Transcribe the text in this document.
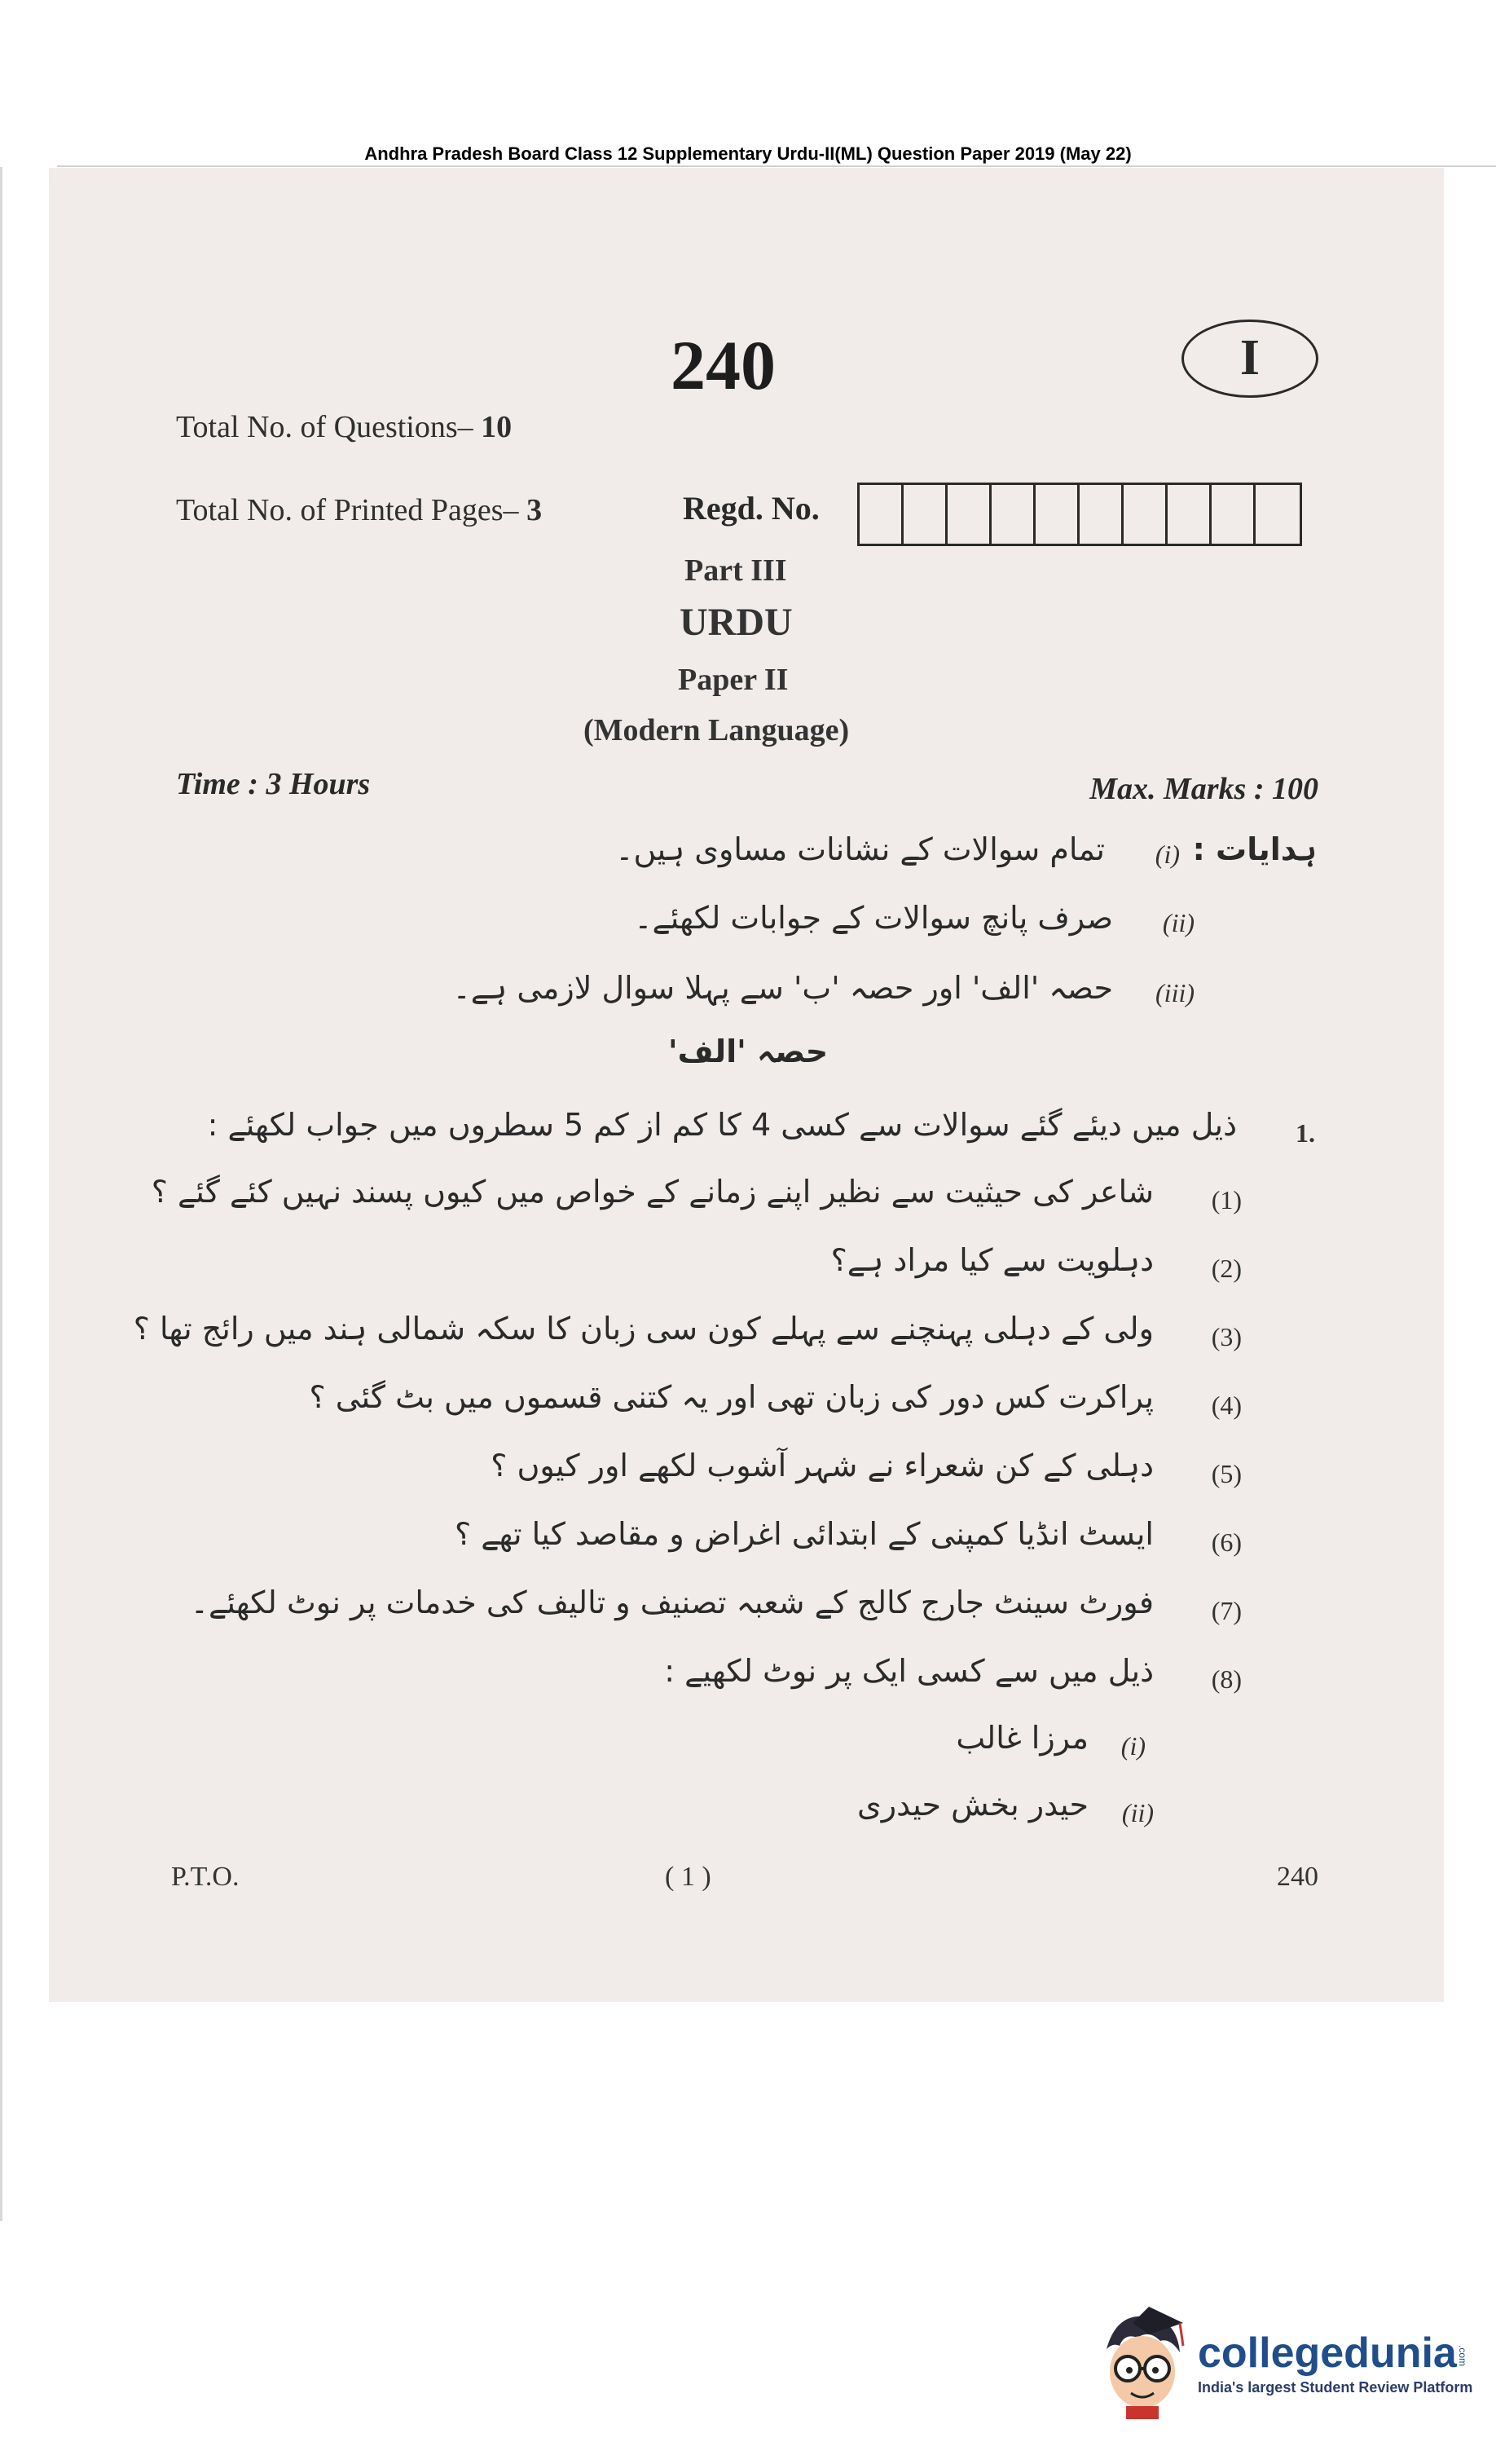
Andhra Pradesh Board Class 12 Supplementary Urdu-II(ML) Question Paper 2019 (May 22)
240	I
Total No. of Questions– 10
Total No. of Printed Pages– 3	Regd. No.
Part III
URDU
Paper II
(Modern Language)
Time : 3 Hours	Max. Marks : 100
ہدایات :
(i)
تمام سوالات کے نشانات مساوی ہیں۔
(ii)
صرف پانچ سوالات کے جوابات لکھئے۔
(iii)
حصہ 'الف' اور حصہ 'ب' سے پہلا سوال لازمی ہے۔
حصہ 'الف'
1.
ذیل میں دیئے گئے سوالات سے کسی 4 کا کم از کم 5 سطروں میں جواب لکھئے :
(1)
شاعر کی حیثیت سے نظیر اپنے زمانے کے خواص میں کیوں پسند نہیں کئے گئے ؟
(2)
دہلویت سے کیا مراد ہے؟
(3)
ولی کے دہلی پہنچنے سے پہلے کون سی زبان کا سکہ شمالی ہند میں رائج تھا ؟
(4)
پراکرت کس دور کی زبان تھی اور یہ کتنی قسموں میں بٹ گئی ؟
(5)
دہلی کے کن شعراء نے شہر آشوب لکھے اور کیوں ؟
(6)
ایسٹ انڈیا کمپنی کے ابتدائی اغراض و مقاصد کیا تھے ؟
(7)
فورٹ سینٹ جارج کالج کے شعبہ تصنیف و تالیف کی خدمات پر نوٹ لکھئے۔
(8)
ذیل میں سے کسی ایک پر نوٹ لکھیے :
(i)
مرزا غالب
(ii)
حیدر بخش حیدری
P.T.O.	( 1 )	240
collegedunia.com
India's largest Student Review Platform
